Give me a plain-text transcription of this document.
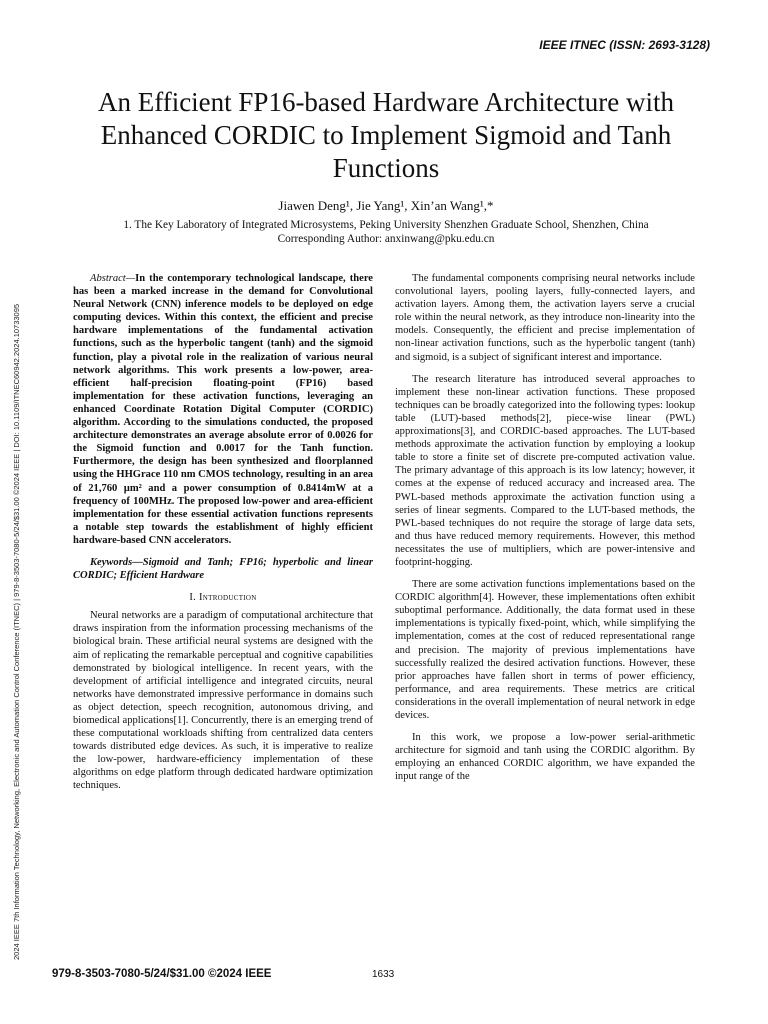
IEEE ITNEC (ISSN: 2693-3128)
2024 IEEE 7th Information Technology, Networking, Electronic and Automation Control Conference (ITNEC) | 979-8-3503-7080-5/24/$31.00 ©2024 IEEE | DOI: 10.1109/ITNEC60942.2024.10733095
An Efficient FP16-based Hardware Architecture with Enhanced CORDIC to Implement Sigmoid and Tanh Functions
Jiawen Deng¹, Jie Yang¹, Xin’an Wang¹,*
1. The Key Laboratory of Integrated Microsystems, Peking University Shenzhen Graduate School, Shenzhen, China
Corresponding Author: anxinwang@pku.edu.cn

Abstract—In the contemporary technological landscape, there has been a marked increase in the demand for Convolutional Neural Network (CNN) inference models to be deployed on edge computing devices. Within this context, the efficient and precise hardware implementations of the fundamental activation functions, such as the hyperbolic tangent (tanh) and the sigmoid function, play a pivotal role in the realization of various neural network algorithms. This work presents a low-power, area-efficient half-precision floating-point (FP16) based implementation for these activation functions, leveraging an enhanced Coordinate Rotation Digital Computer (CORDIC) algorithm. According to the simulations conducted, the proposed architecture demonstrates an average absolute error of 0.0026 for the Sigmoid function and 0.0017 for the Tanh function. Furthermore, the design has been synthesized and floorplanned using the HHGrace 110 nm CMOS technology, resulting in an area of 21,760 µm² and a power consumption of 0.8414mW at a frequency of 100MHz. The proposed low-power and area-efficient implementation for these essential activation functions represents a notable step towards the establishment of highly efficient hardware-based CNN accelerators.

Keywords—Sigmoid and Tanh; FP16; hyperbolic and linear CORDIC; Efficient Hardware

I. Introduction

Neural networks are a paradigm of computational architecture that draws inspiration from the information processing mechanisms of the biological brain. These artificial neural systems are designed with the aim of replicating the remarkable perceptual and cognitive capabilities demonstrated by biological intelligence. In recent years, with the development of artificial intelligence and integrated circuits, neural networks have demonstrated impressive performance in domains such as object detection, speech recognition, autonomous driving, and biomedical applications[1]. Concurrently, there is an emerging trend of these computational workloads shifting from centralized data centers towards distributed edge devices. As such, it is imperative to realize the low-power, hardware-efficiency implementation of these algorithms on edge platform through dedicated hardware optimization techniques.

The fundamental components comprising neural networks include convolutional layers, pooling layers, fully-connected layers, and activation layers. Among them, the activation layers serve a crucial role within the neural network, as they introduce non-linearity into the models. Consequently, the efficient and precise implementation of non-linear activation functions, such as the hyperbolic tangent (tanh) and sigmoid, is a subject of significant interest and importance.

The research literature has introduced several approaches to implement these non-linear activation functions. These proposed techniques can be broadly categorized into the following types: lookup table (LUT)-based methods[2], piece-wise linear (PWL) approximations[3], and CORDIC-based approaches. The LUT-based methods approximate the activation function by employing a lookup table to store a finite set of discrete pre-computed activation value. The primary advantage of this approach is its low latency; however, it comes at the expense of reduced accuracy and increased area. The PWL-based methods approximate the activation function using a series of linear segments. Compared to the LUT-based methods, the PWL-based techniques do not require the storage of large data sets, and thus have reduced memory requirements. However, this method necessitates the use of multipliers, which are power-intensive and footprint-hogging.

There are some activation functions implementations based on the CORDIC algorithm[4]. However, these implementations often exhibit suboptimal performance. Additionally, the data format used in these implementations is typically fixed-point, which, while simplifying the implementation, comes at the cost of reduced representational range and precision. The majority of previous implementations have successfully realized the desired activation functions. However, these prior approaches have fallen short in terms of power efficiency, performance, and area requirements. These metrics are critical considerations in the overall implementation of neural network in edge devices.

In this work, we propose a low-power serial-arithmetic architecture for sigmoid and tanh using the CORDIC algorithm. By employing an enhanced CORDIC algorithm, we have expanded the input range of the

979-8-3503-7080-5/24/$31.00 ©2024 IEEE	1633
